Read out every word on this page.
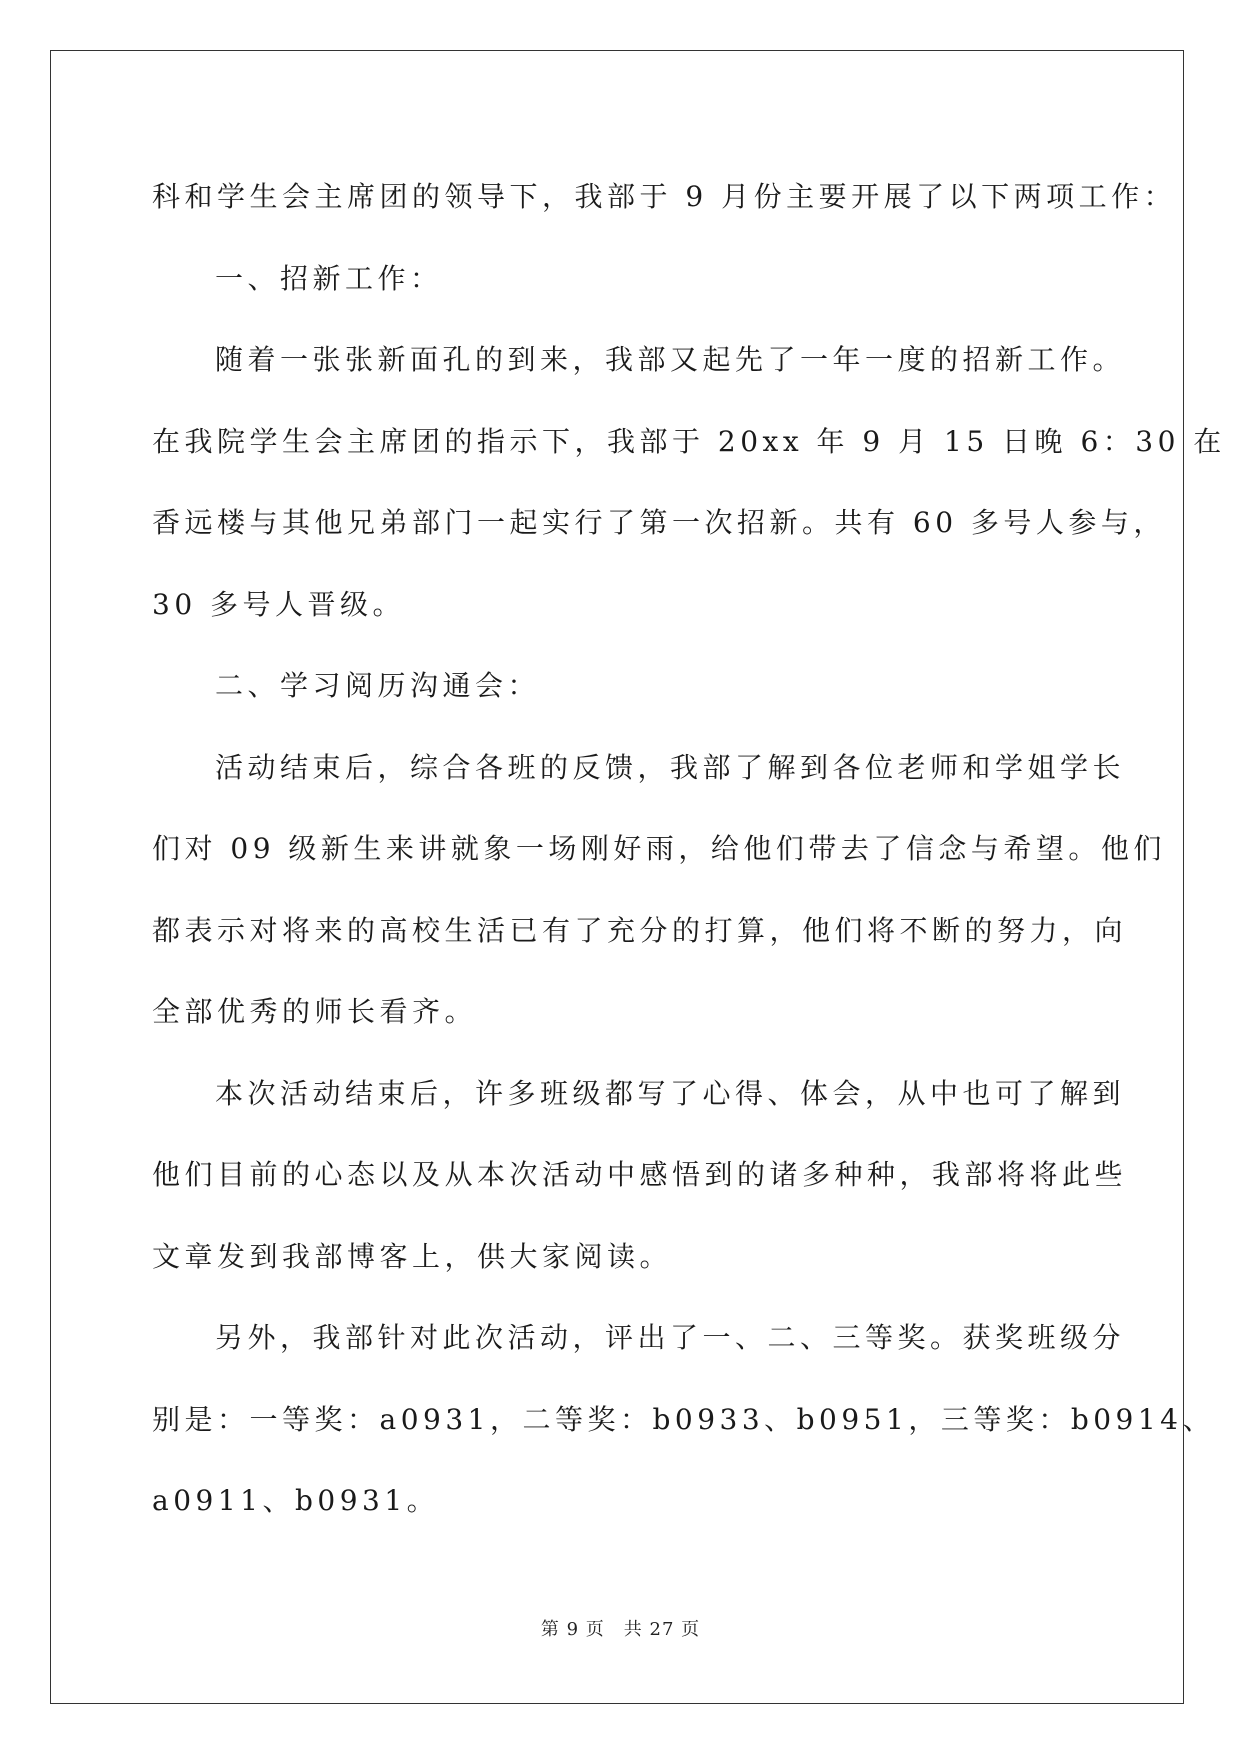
科和学生会主席团的领导下，我部于 9 月份主要开展了以下两项工作：
一、招新工作：
随着一张张新面孔的到来，我部又起先了一年一度的招新工作。
在我院学生会主席团的指示下，我部于 20xx 年 9 月 15 日晚 6：30 在
香远楼与其他兄弟部门一起实行了第一次招新。共有 60 多号人参与，
30 多号人晋级。
二、学习阅历沟通会：
活动结束后，综合各班的反馈，我部了解到各位老师和学姐学长
们对 09 级新生来讲就象一场刚好雨，给他们带去了信念与希望。他们
都表示对将来的高校生活已有了充分的打算，他们将不断的努力，向
全部优秀的师长看齐。
本次活动结束后，许多班级都写了心得、体会，从中也可了解到
他们目前的心态以及从本次活动中感悟到的诸多种种，我部将将此些
文章发到我部博客上，供大家阅读。
另外，我部针对此次活动，评出了一、二、三等奖。获奖班级分
别是：一等奖：a0931，二等奖：b0933、b0951，三等奖：b0914、
a0911、b0931。
第 9 页　共 27 页
